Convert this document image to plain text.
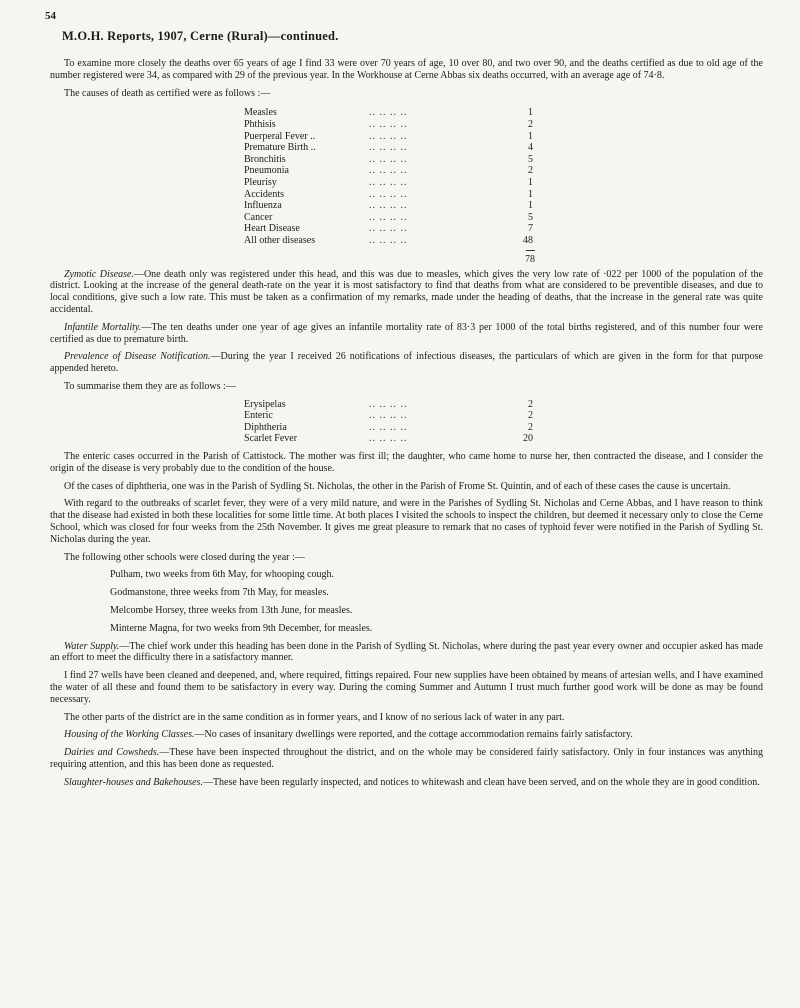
54
M.O.H. Reports, 1907, Cerne (Rural)—continued.

To examine more closely the deaths over 65 years of age I find 33 were over 70 years of age, 10 over 80, and two over 90, and the deaths certified as due to old age of the number registered were 34, as compared with 29 of the previous year. In the Workhouse at Cerne Abbas six deaths occurred, with an average age of 74·8.

The causes of death as certified were as follows :—

Measles	.. .. .. ..	1
Phthisis	.. .. .. ..	2
Puerperal Fever ..	.. .. .. ..	1
Premature Birth ..	.. .. .. ..	4
Bronchitis	.. .. .. ..	5
Pneumonia	.. .. .. ..	2
Pleurisy	.. .. .. ..	1
Accidents	.. .. .. ..	1
Influenza	.. .. .. ..	1
Cancer	.. .. .. ..	5
Heart Disease	.. .. .. ..	7
All other diseases	.. .. .. ..	48
78

Zymotic Disease.—One death only was registered under this head, and this was due to measles, which gives the very low rate of ·022 per 1000 of the population of the district. Looking at the increase of the general death-rate on the year it is most satisfactory to find that deaths from what are considered to be preventible diseases, and due to local conditions, give such a low rate. This must be taken as a confirmation of my remarks, made under the heading of deaths, that the increase in the general rate was quite accidental.

Infantile Mortality.—The ten deaths under one year of age gives an infantile mortality rate of 83·3 per 1000 of the total births registered, and of this number four were certified as due to premature birth.

Prevalence of Disease Notification.—During the year I received 26 notifications of infectious diseases, the particulars of which are given in the form for that purpose appended hereto.

To summarise them they are as follows :—

Erysipelas	.. .. .. ..	2
Enteric	.. .. .. ..	2
Diphtheria	.. .. .. ..	2
Scarlet Fever	.. .. .. ..	20

The enteric cases occurred in the Parish of Cattistock. The mother was first ill; the daughter, who came home to nurse her, then contracted the disease, and I consider the origin of the disease is very probably due to the condition of the house.

Of the cases of diphtheria, one was in the Parish of Sydling St. Nicholas, the other in the Parish of Frome St. Quintin, and of each of these cases the cause is uncertain.

With regard to the outbreaks of scarlet fever, they were of a very mild nature, and were in the Parishes of Sydling St. Nicholas and Cerne Abbas, and I have reason to think that the disease had existed in both these localities for some little time. At both places I visited the schools to inspect the children, but deemed it necessary only to close the Cerne School, which was closed for four weeks from the 25th November. It gives me great pleasure to remark that no cases of typhoid fever were notified in the Parish of Sydling St. Nicholas during the year.

The following other schools were closed during the year :—

Pulham, two weeks from 6th May, for whooping cough.

Godmanstone, three weeks from 7th May, for measles.

Melcombe Horsey, three weeks from 13th June, for measles.

Minterne Magna, for two weeks from 9th December, for measles.

Water Supply.—The chief work under this heading has been done in the Parish of Sydling St. Nicholas, where during the past year every owner and occupier asked has made an effort to meet the difficulty there in a satisfactory manner.

I find 27 wells have been cleaned and deepened, and, where required, fittings repaired. Four new supplies have been obtained by means of artesian wells, and I have examined the water of all these and found them to be satisfactory in every way. During the coming Summer and Autumn I trust much further good work will be done as may be found necessary.

The other parts of the district are in the same condition as in former years, and I know of no serious lack of water in any part.

Housing of the Working Classes.—No cases of insanitary dwellings were reported, and the cottage accommodation remains fairly satisfactory.

Dairies and Cowsheds.—These have been inspected throughout the district, and on the whole may be considered fairly satisfactory. Only in four instances was anything requiring attention, and this has been done as requested.

Slaughter-houses and Bakehouses.—These have been regularly inspected, and notices to whitewash and clean have been served, and on the whole they are in good condition.
